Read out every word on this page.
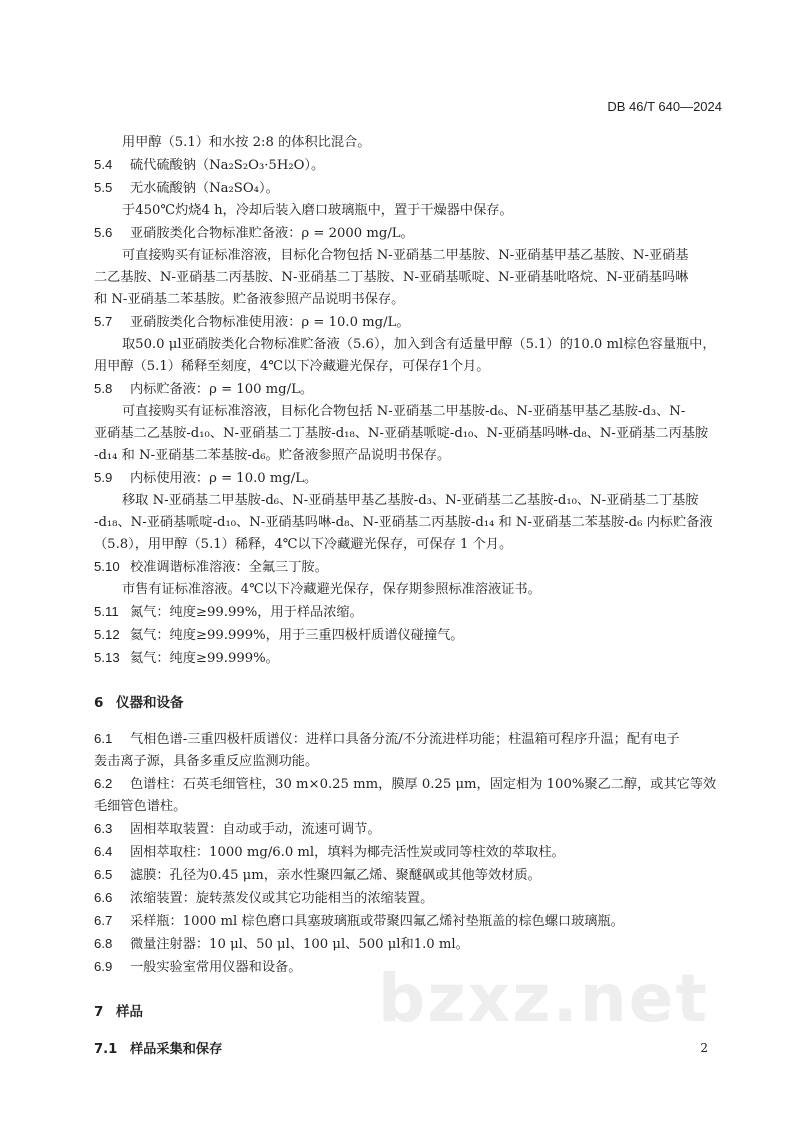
DB 46/T 640—2024
用甲醇（5.1）和水按 2:8 的体积比混合。
5.4 硫代硫酸钠（Na₂S₂O₃·5H₂O）。
5.5 无水硫酸钠（Na₂SO₄）。
于450℃灼烧4 h，冷却后装入磨口玻璃瓶中，置于干燥器中保存。
5.6 亚硝胺类化合物标准贮备液：ρ = 2000 mg/L。
可直接购买有证标准溶液，目标化合物包括 N-亚硝基二甲基胺、N-亚硝基甲基乙基胺、N-亚硝基
二乙基胺、N-亚硝基二丙基胺、N-亚硝基二丁基胺、N-亚硝基哌啶、N-亚硝基吡咯烷、N-亚硝基吗啉
和 N-亚硝基二苯基胺。贮备液参照产品说明书保存。
5.7 亚硝胺类化合物标准使用液：ρ = 10.0 mg/L。
取50.0 μl亚硝胺类化合物标准贮备液（5.6），加入到含有适量甲醇（5.1）的10.0 ml棕色容量瓶中，
用甲醇（5.1）稀释至刻度，4℃以下冷藏避光保存，可保存1个月。
5.8 内标贮备液：ρ = 100 mg/L。
可直接购买有证标准溶液，目标化合物包括 N-亚硝基二甲基胺-d₆、N-亚硝基甲基乙基胺-d₃、N-
亚硝基二乙基胺-d₁₀、N-亚硝基二丁基胺-d₁₈、N-亚硝基哌啶-d₁₀、N-亚硝基吗啉-d₈、N-亚硝基二丙基胺
-d₁₄ 和 N-亚硝基二苯基胺-d₆。贮备液参照产品说明书保存。
5.9 内标使用液：ρ = 10.0 mg/L。
移取 N-亚硝基二甲基胺-d₆、N-亚硝基甲基乙基胺-d₃、N-亚硝基二乙基胺-d₁₀、N-亚硝基二丁基胺
-d₁₈、N-亚硝基哌啶-d₁₀、N-亚硝基吗啉-d₈、N-亚硝基二丙基胺-d₁₄ 和 N-亚硝基二苯基胺-d₆ 内标贮备液
（5.8），用甲醇（5.1）稀释，4℃以下冷藏避光保存，可保存 1 个月。
5.10 校准调谐标准溶液：全氟三丁胺。
市售有证标准溶液。4℃以下冷藏避光保存，保存期参照标准溶液证书。
5.11 氮气：纯度≥99.99%，用于样品浓缩。
5.12 氦气：纯度≥99.999%，用于三重四极杆质谱仪碰撞气。
5.13 氦气：纯度≥99.999%。
6 仪器和设备
6.1 气相色谱-三重四极杆质谱仪：进样口具备分流/不分流进样功能；柱温箱可程序升温；配有电子
轰击离子源，具备多重反应监测功能。
6.2 色谱柱：石英毛细管柱，30 m×0.25 mm，膜厚 0.25 μm，固定相为 100%聚乙二醇，或其它等效
毛细管色谱柱。
6.3 固相萃取装置：自动或手动，流速可调节。
6.4 固相萃取柱：1000 mg/6.0 ml，填料为椰壳活性炭或同等柱效的萃取柱。
6.5 滤膜：孔径为0.45 μm，亲水性聚四氟乙烯、聚醚砜或其他等效材质。
6.6 浓缩装置：旋转蒸发仪或其它功能相当的浓缩装置。
6.7 采样瓶：1000 ml 棕色磨口具塞玻璃瓶或带聚四氟乙烯衬垫瓶盖的棕色螺口玻璃瓶。
6.8 微量注射器：10 μl、50 μl、100 μl、500 μl和1.0 ml。
6.9 一般实验室常用仪器和设备。
7 样品
7.1 样品采集和保存
bzxz.net
2
